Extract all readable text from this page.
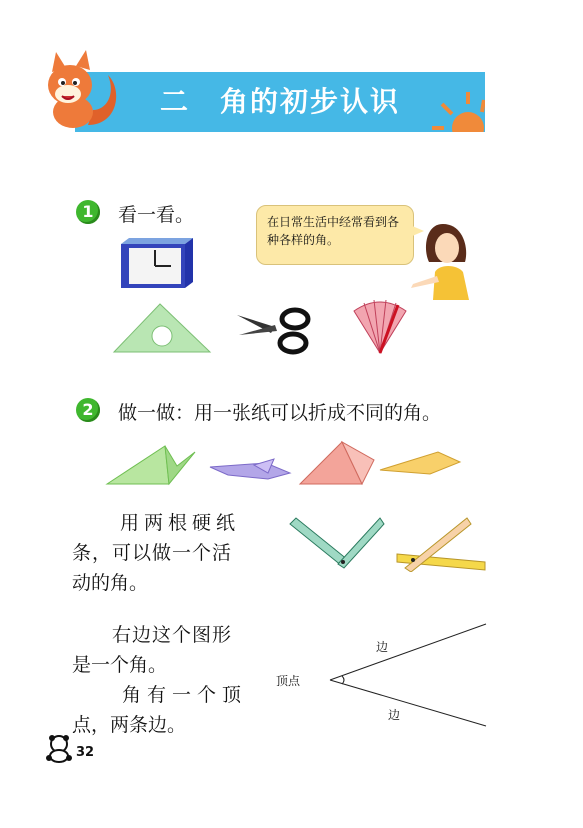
二　角的初步认识
1	看一看。	在日常生活中经常看到各种各样的角。
2	做一做：用一张纸可以折成不同的角。
　　用两根硬纸
条，可以做一个活
动的角。
　　右边这个图形
是一个角。
　　角有一个顶
点，两条边。
顶点
边
边
32
